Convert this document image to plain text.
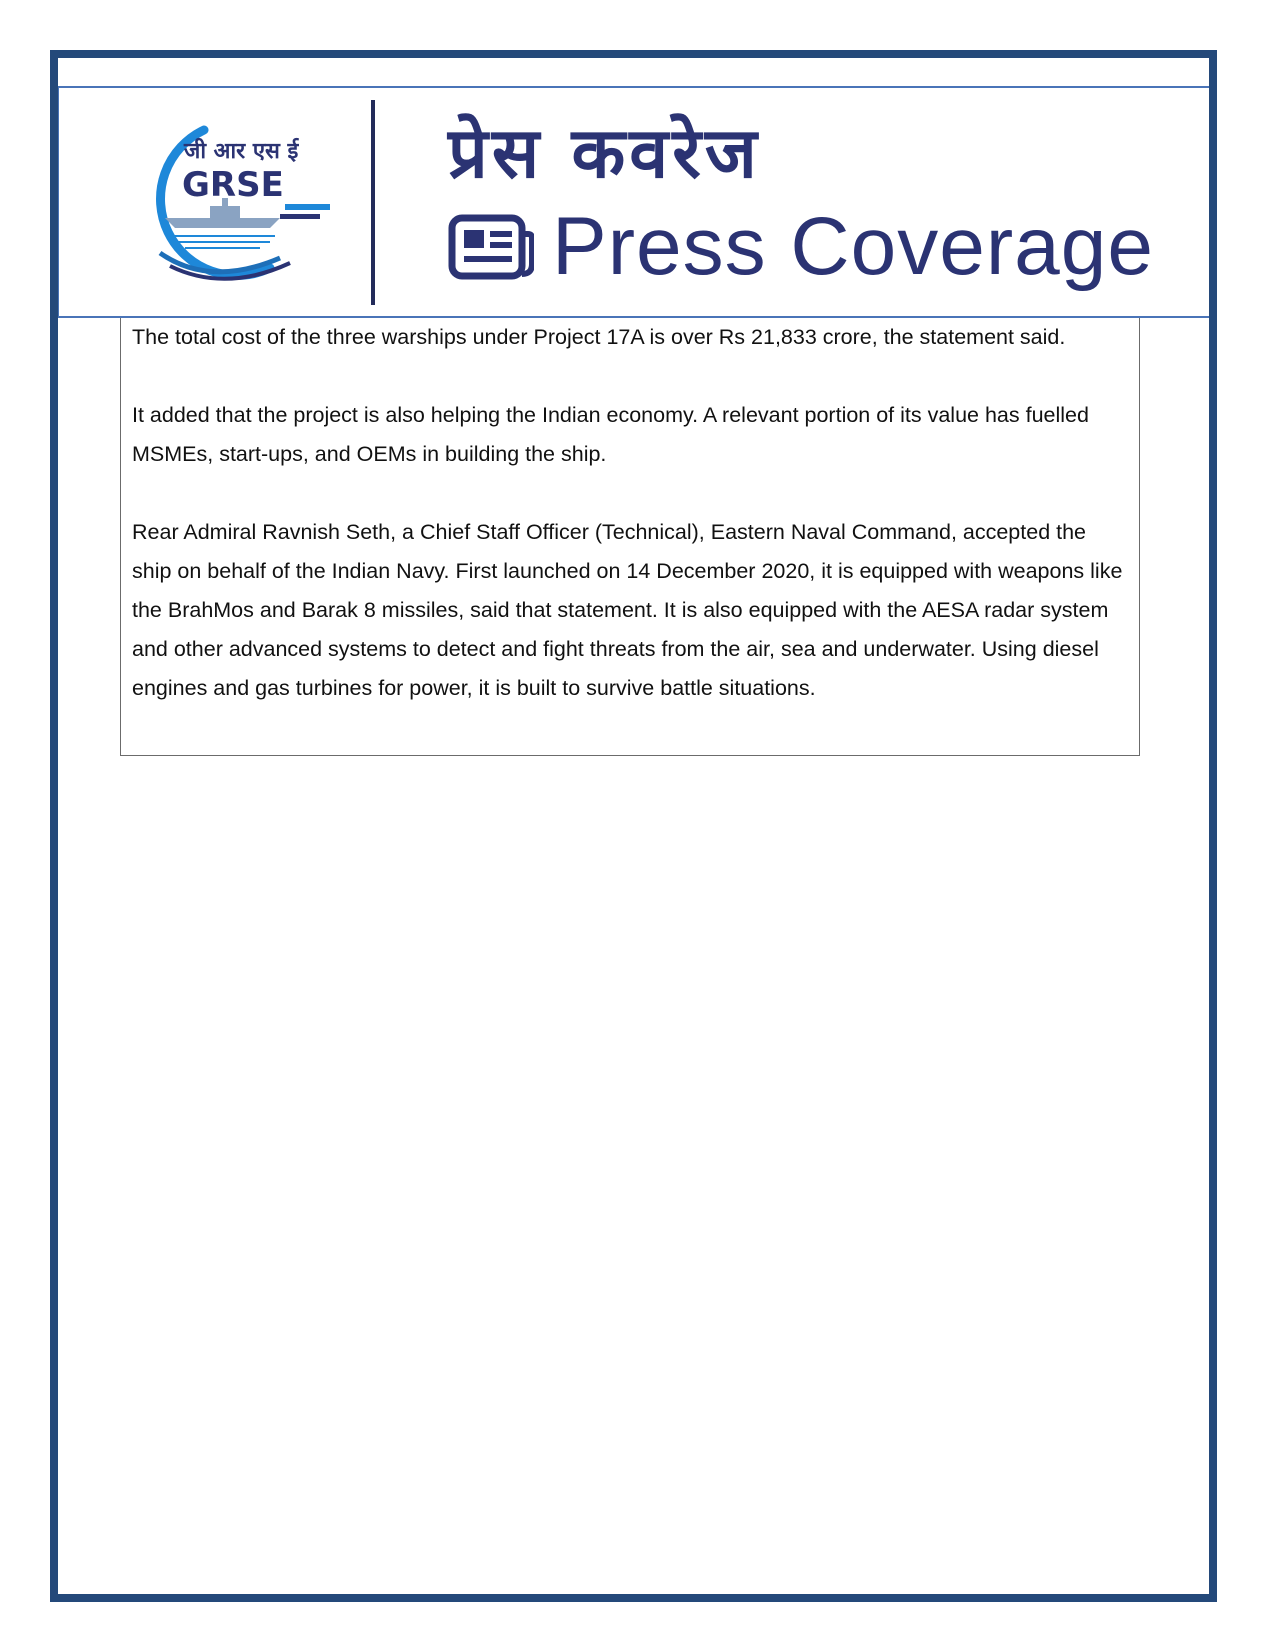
जी आर एस ई
GRSE प्रेस कवरेज
Press Coverage

The total cost of the three warships under Project 17A is over Rs 21,833 crore, the statement said.

It added that the project is also helping the Indian economy. A relevant portion of its value has fuelled MSMEs, start-ups, and OEMs in building the ship.

Rear Admiral Ravnish Seth, a Chief Staff Officer (Technical), Eastern Naval Command, accepted the ship on behalf of the Indian Navy. First launched on 14 December 2020, it is equipped with weapons like the BrahMos and Barak 8 missiles, said that statement. It is also equipped with the AESA radar system and other advanced systems to detect and fight threats from the air, sea and underwater. Using diesel engines and gas turbines for power, it is built to survive battle situations.
